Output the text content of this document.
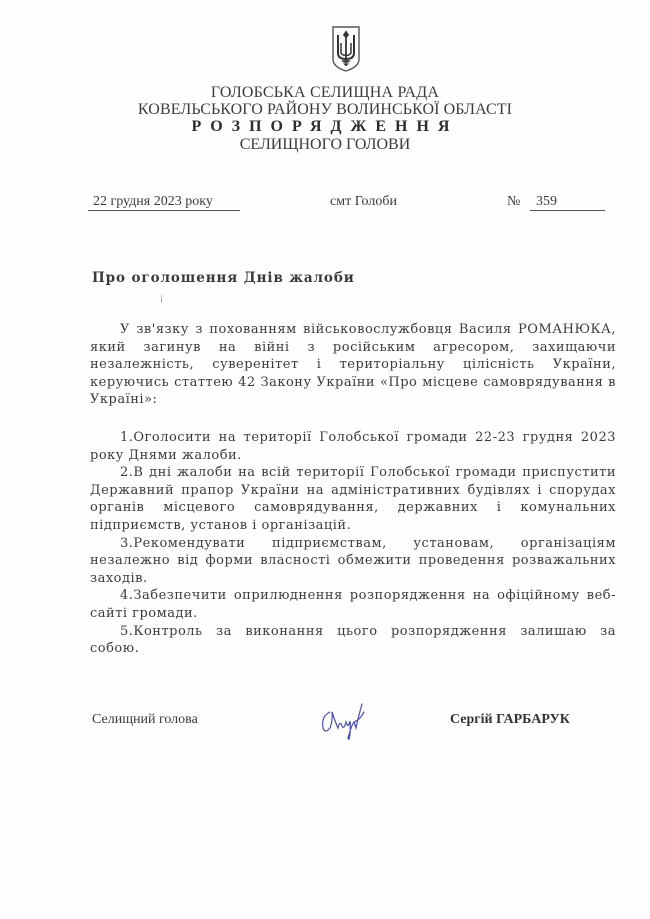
ГОЛОБСЬКА СЕЛИЩНА РАДА
КОВЕЛЬСЬКОГО РАЙОНУ ВОЛИНСЬКОЇ ОБЛАСТІ
РОЗПОРЯДЖЕННЯ
СЕЛИЩНОГО ГОЛОВИ
22 грудня 2023 року	смт Голоби	№	359
Про оголошення Днів жалоби
¡
У зв'язку з похованням військовослужбовця Василя РОМАНЮКА, який загинув на війні з російським агресором, захищаючи незалежність, суверенітет і територіальну цілісність України, керуючись статтею 42 Закону України «Про місцеве самоврядування в Україні»:

1.Оголосити на території Голобської громади 22-23 грудня 2023 року Днями жалоби.

2.В дні жалоби на всій території Голобської громади приспустити Державний прапор України на адміністративних будівлях і спорудах органів місцевого самоврядування, державних і комунальних підприємств, установ і організацій.

3.Рекомендувати підприємствам, установам, організаціям незалежно від форми власності обмежити проведення розважальних заходів.

4.Забезпечити оприлюднення розпорядження на офіційному веб-сайті громади.

5.Контроль за виконання цього розпорядження залишаю за собою.

Селищний голова	Сергій ГАРБАРУК
